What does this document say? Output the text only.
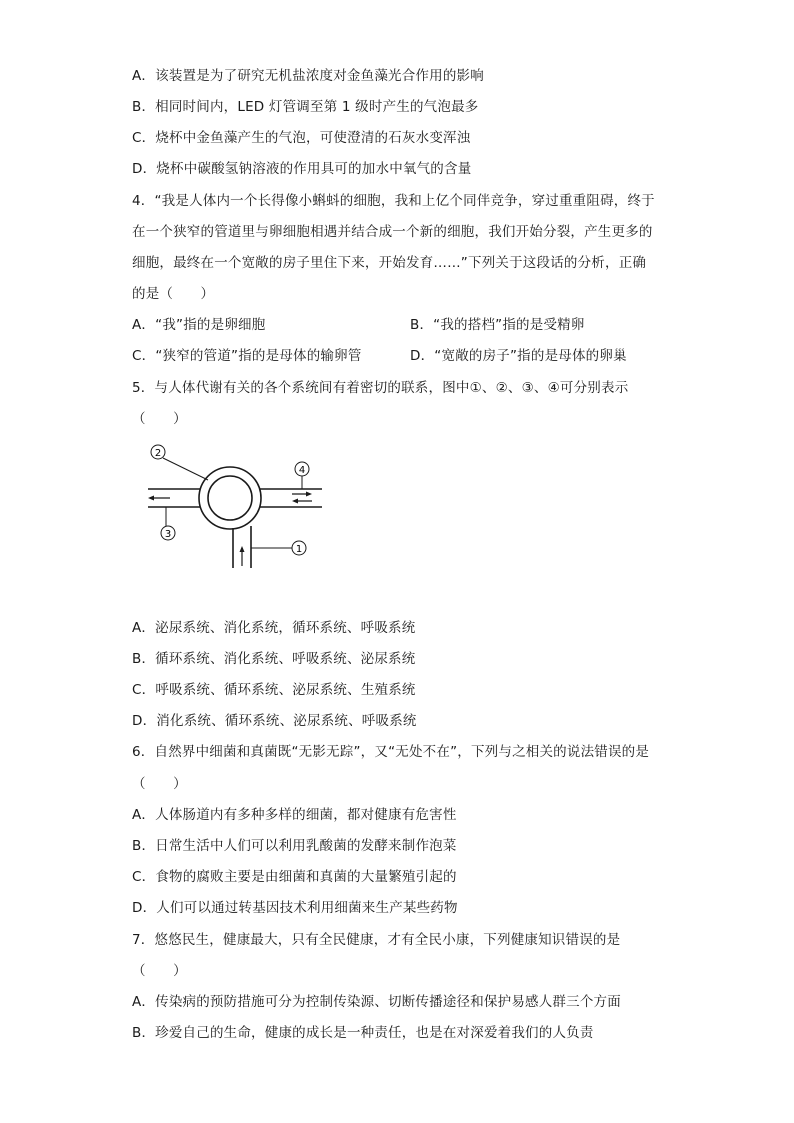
A．该装置是为了研究无机盐浓度对金鱼藻光合作用的影响
B．相同时间内，LED 灯管调至第 1 级时产生的气泡最多
C．烧杯中金鱼藻产生的气泡，可使澄清的石灰水变浑浊
D．烧杯中碳酸氢钠溶液的作用具可的加水中氧气的含量
4．“我是人体内一个长得像小蝌蚪的细胞，我和上亿个同伴竞争，穿过重重阻碍，终于
在一个狭窄的管道里与卵细胞相遇并结合成一个新的细胞，我们开始分裂，产生更多的
细胞，最终在一个宽敞的房子里住下来，开始发育……”下列关于这段话的分析，正确
的是（　　）
A．“我”指的是卵细胞	B．“我的搭档”指的是受精卵
C．“狭窄的管道”指的是母体的输卵管	D．“宽敞的房子”指的是母体的卵巢
5．与人体代谢有关的各个系统间有着密切的联系，图中①、②、③、④可分别表示
（　　）
2
4
3
1
A．泌尿系统、消化系统，循环系统、呼吸系统
B．循环系统、消化系统、呼吸系统、泌尿系统
C．呼吸系统、循环系统、泌尿系统、生殖系统
D．消化系统、循环系统、泌尿系统、呼吸系统
6．自然界中细菌和真菌既“无影无踪”，又“无处不在”，下列与之相关的说法错误的是
（　　）
A．人体肠道内有多种多样的细菌，都对健康有危害性
B．日常生活中人们可以利用乳酸菌的发酵来制作泡菜
C．食物的腐败主要是由细菌和真菌的大量繁殖引起的
D．人们可以通过转基因技术利用细菌来生产某些药物
7．悠悠民生，健康最大，只有全民健康，才有全民小康，下列健康知识错误的是
（　　）
A．传染病的预防措施可分为控制传染源、切断传播途径和保护易感人群三个方面
B．珍爱自己的生命，健康的成长是一种责任，也是在对深爱着我们的人负责
